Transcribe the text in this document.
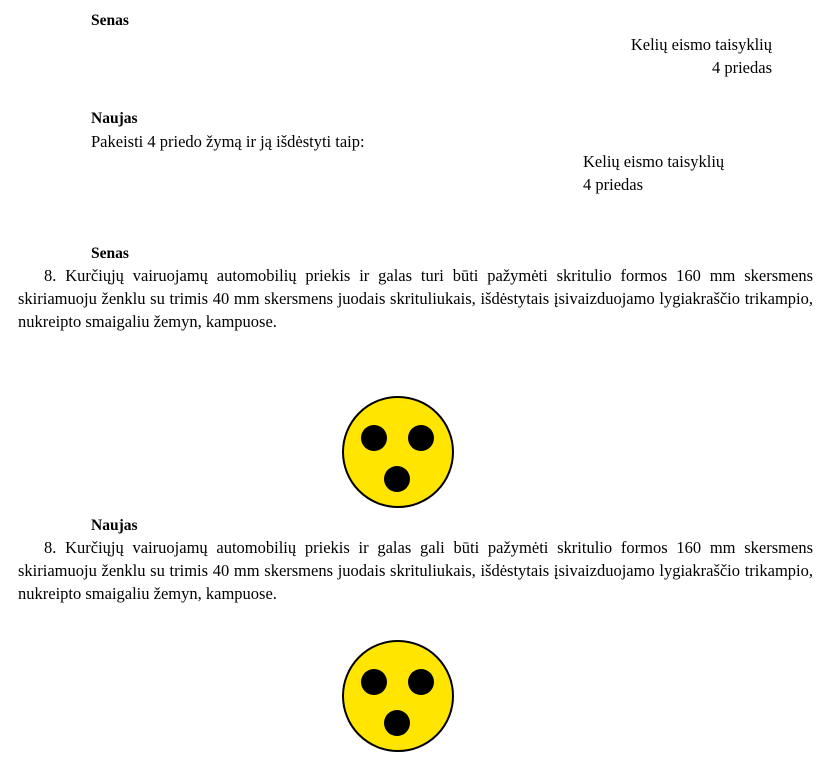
Senas
Kelių eismo taisyklių
4 priedas
Naujas
Pakeisti 4 priedo žymą ir ją išdėstyti taip:
Kelių eismo taisyklių
4 priedas
Senas
8. Kurčiųjų vairuojamų automobilių priekis ir galas turi būti pažymėti skritulio formos 160 mm skersmens skiriamuoju ženklu su trimis 40 mm skersmens juodais skrituliukais, išdėstytais įsivaizduojamo lygiakraščio trikampio, nukreipto smaigaliu žemyn, kampuose.
Naujas
8. Kurčiųjų vairuojamų automobilių priekis ir galas gali būti pažymėti skritulio formos 160 mm skersmens skiriamuoju ženklu su trimis 40 mm skersmens juodais skrituliukais, išdėstytais įsivaizduojamo lygiakraščio trikampio, nukreipto smaigaliu žemyn, kampuose.
